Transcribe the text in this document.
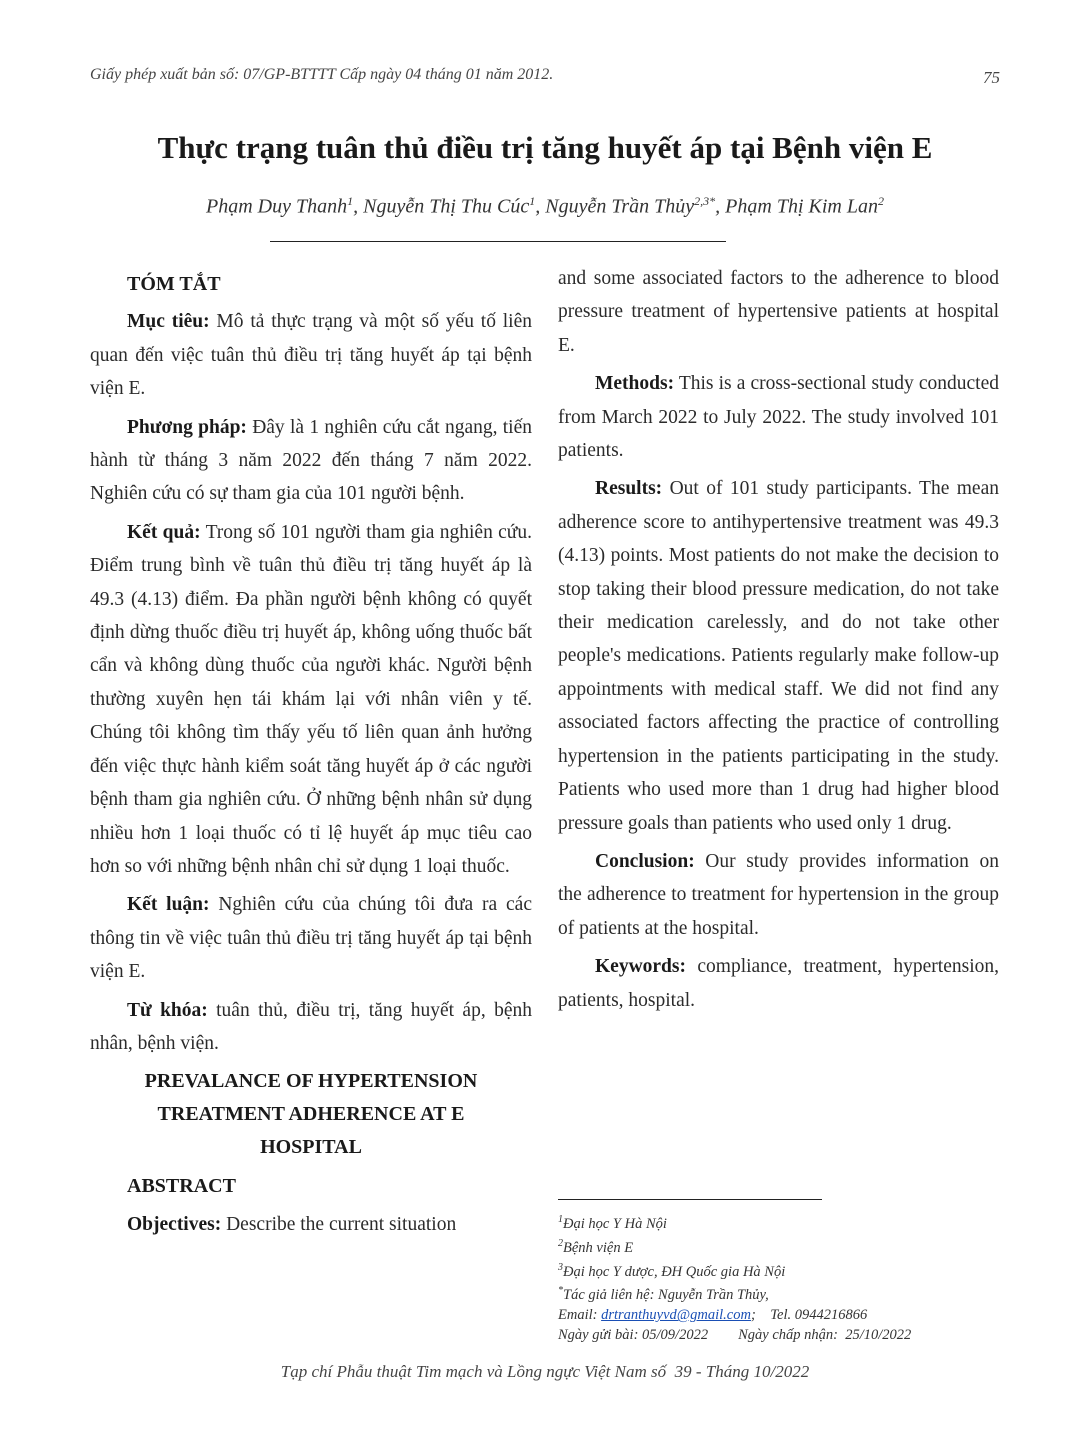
Giấy phép xuất bản số: 07/GP-BTTTT Cấp ngày 04 tháng 01 năm 2012.	75
Thực trạng tuân thủ điều trị tăng huyết áp tại Bệnh viện E
Phạm Duy Thanh$^1$, Nguyễn Thị Thu Cúc$^1$, Nguyễn Trần Thủy$^{2,3*}$, Phạm Thị Kim Lan$^2$
TÓM TẮT

Mục tiêu: Mô tả thực trạng và một số yếu tố liên quan đến việc tuân thủ điều trị tăng huyết áp tại bệnh viện E.

Phương pháp: Đây là 1 nghiên cứu cắt ngang, tiến hành từ tháng 3 năm 2022 đến tháng 7 năm 2022. Nghiên cứu có sự tham gia của 101 người bệnh.

Kết quả: Trong số 101 người tham gia nghiên cứu. Điểm trung bình về tuân thủ điều trị tăng huyết áp là 49.3 (4.13) điểm. Đa phần người bệnh không có quyết định dừng thuốc điều trị huyết áp, không uống thuốc bất cẩn và không dùng thuốc của người khác. Người bệnh thường xuyên hẹn tái khám lại với nhân viên y tế. Chúng tôi không tìm thấy yếu tố liên quan ảnh hưởng đến việc thực hành kiểm soát tăng huyết áp ở các người bệnh tham gia nghiên cứu. Ở những bệnh nhân sử dụng nhiều hơn 1 loại thuốc có tỉ lệ huyết áp mục tiêu cao hơn so với những bệnh nhân chỉ sử dụng 1 loại thuốc.

Kết luận: Nghiên cứu của chúng tôi đưa ra các thông tin về việc tuân thủ điều trị tăng huyết áp tại bệnh viện E.

Từ khóa: tuân thủ, điều trị, tăng huyết áp, bệnh nhân, bệnh viện.

PREVALANCE OF HYPERTENSION
TREATMENT ADHERENCE AT E
HOSPITAL
ABSTRACT

Objectives: Describe the current situation

and some associated factors to the adherence to blood pressure treatment of hypertensive patients at hospital E.

Methods: This is a cross-sectional study conducted from March 2022 to July 2022. The study involved 101 patients.

Results: Out of 101 study participants. The mean adherence score to antihypertensive treatment was 49.3 (4.13) points. Most patients do not make the decision to stop taking their blood pressure medication, do not take their medication carelessly, and do not take other people's medications. Patients regularly make follow-up appointments with medical staff. We did not find any associated factors affecting the practice of controlling hypertension in the patients participating in the study. Patients who used more than 1 drug had higher blood pressure goals than patients who used only 1 drug.

Conclusion: Our study provides information on the adherence to treatment for hypertension in the group of patients at the hospital.

Keywords: compliance, treatment, hypertension, patients, hospital.

$^1$Đại học Y Hà Nội
$^2$Bệnh viện E
$^3$Đại học Y dược, ĐH Quốc gia Hà Nội
*Tác giả liên hệ: Nguyễn Trần Thủy,
Email: drtranthuyvd@gmail.com;    Tel. 0944216866
Ngày gửi bài: 05/09/2022 Ngày chấp nhận:  25/10/2022
Tạp chí Phẫu thuật Tim mạch và Lồng ngực Việt Nam số  39 - Tháng 10/2022
